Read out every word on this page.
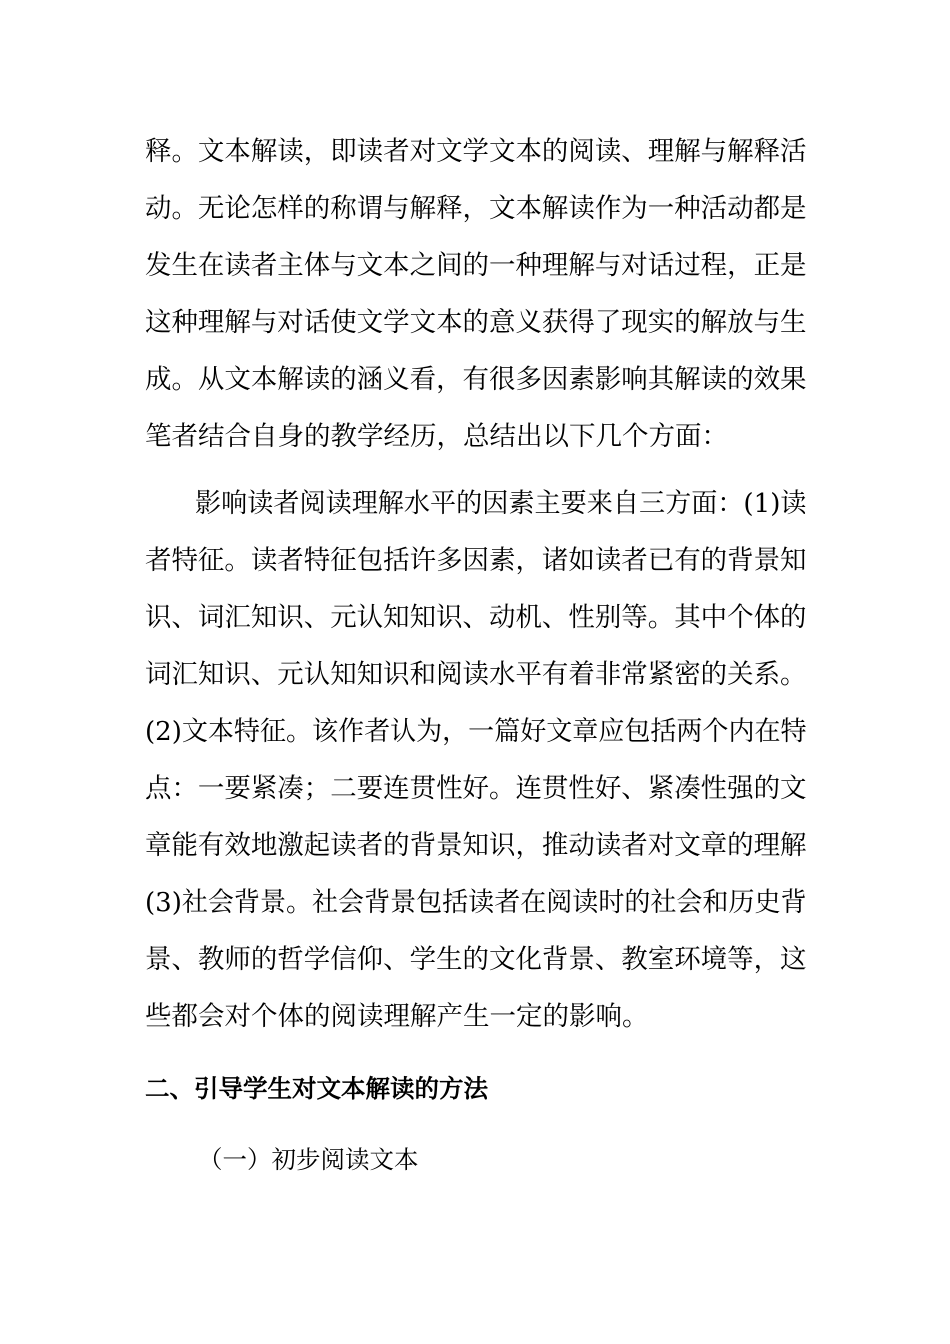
释。文本解读，即读者对文学文本的阅读、理解与解释活
动。无论怎样的称谓与解释，文本解读作为一种活动都是
发生在读者主体与文本之间的一种理解与对话过程，正是
这种理解与对话使文学文本的意义获得了现实的解放与生
成。从文本解读的涵义看，有很多因素影响其解读的效果
笔者结合自身的教学经历，总结出以下几个方面：
影响读者阅读理解水平的因素主要来自三方面：(1)读
者特征。读者特征包括许多因素，诸如读者已有的背景知
识、词汇知识、元认知知识、动机、性别等。其中个体的
词汇知识、元认知知识和阅读水平有着非常紧密的关系。
(2)文本特征。该作者认为，一篇好文章应包括两个内在特
点：一要紧凑；二要连贯性好。连贯性好、紧凑性强的文
章能有效地激起读者的背景知识，推动读者对文章的理解
(3)社会背景。社会背景包括读者在阅读时的社会和历史背
景、教师的哲学信仰、学生的文化背景、教室环境等，这
些都会对个体的阅读理解产生一定的影响。
二、引导学生对文本解读的方法
（一）初步阅读文本
